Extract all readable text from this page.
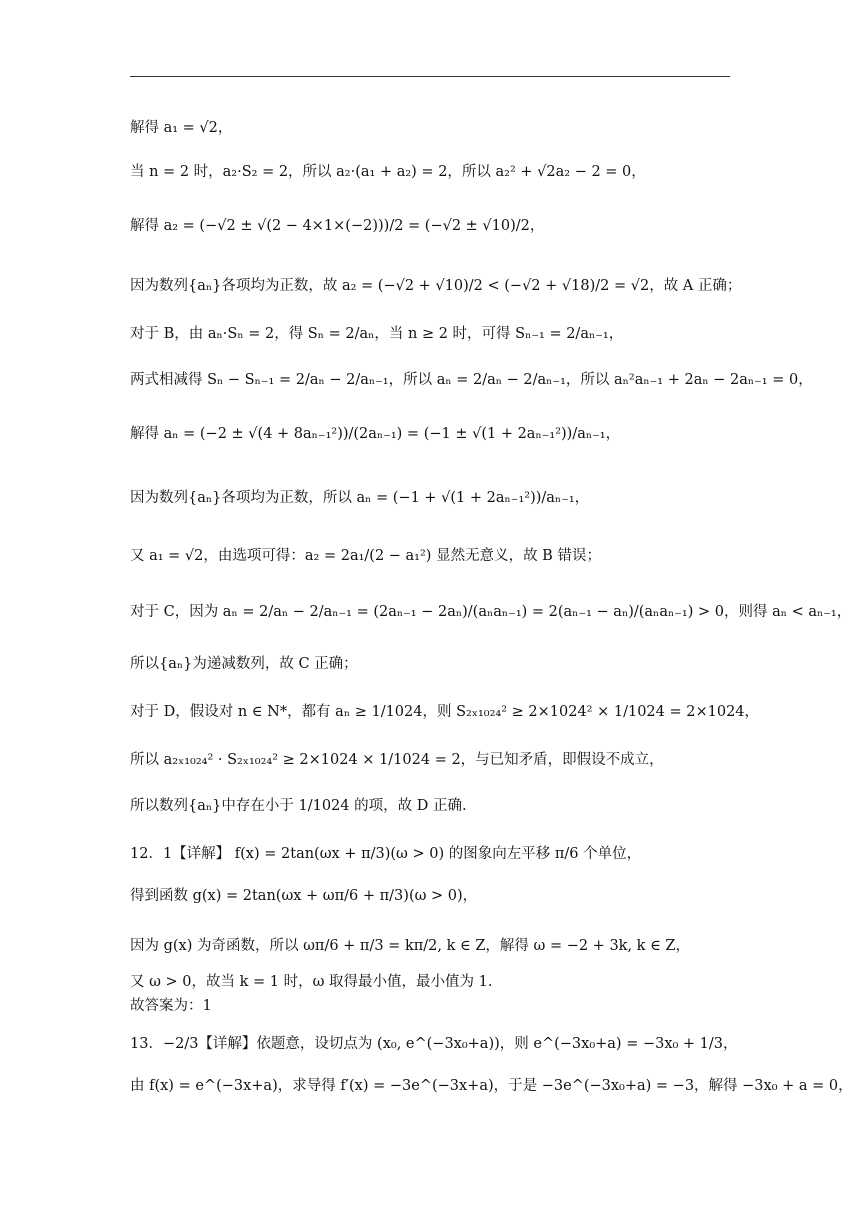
解得 a₁ = √2，
当 n = 2 时，a₂·S₂ = 2，所以 a₂·(a₁ + a₂) = 2，所以 a₂² + √2a₂ − 2 = 0，
解得 a₂ = (−√2 ± √(2 − 4×1×(−2)))/2 = (−√2 ± √10)/2，
因为数列{aₙ}各项均为正数，故 a₂ = (−√2 + √10)/2 < (−√2 + √18)/2 = √2，故 A 正确；
对于 B，由 aₙ·Sₙ = 2，得 Sₙ = 2/aₙ，当 n ≥ 2 时，可得 Sₙ₋₁ = 2/aₙ₋₁，
两式相减得 Sₙ − Sₙ₋₁ = 2/aₙ − 2/aₙ₋₁，所以 aₙ = 2/aₙ − 2/aₙ₋₁，所以 aₙ²aₙ₋₁ + 2aₙ − 2aₙ₋₁ = 0，
解得 aₙ = (−2 ± √(4 + 8aₙ₋₁²))/(2aₙ₋₁) = (−1 ± √(1 + 2aₙ₋₁²))/aₙ₋₁，
因为数列{aₙ}各项均为正数，所以 aₙ = (−1 + √(1 + 2aₙ₋₁²))/aₙ₋₁，
又 a₁ = √2，由选项可得：a₂ = 2a₁/(2 − a₁²) 显然无意义，故 B 错误；
对于 C，因为 aₙ = 2/aₙ − 2/aₙ₋₁ = (2aₙ₋₁ − 2aₙ)/(aₙaₙ₋₁) = 2(aₙ₋₁ − aₙ)/(aₙaₙ₋₁) > 0，则得 aₙ < aₙ₋₁，
所以{aₙ}为递减数列，故 C 正确；
对于 D，假设对 n ∈ N*，都有 aₙ ≥ 1/1024，则 S₂ₓ₁₀₂₄² ≥ 2×1024² × 1/1024 = 2×1024，
所以 a₂ₓ₁₀₂₄² · S₂ₓ₁₀₂₄² ≥ 2×1024 × 1/1024 = 2，与已知矛盾，即假设不成立，
所以数列{aₙ}中存在小于 1/1024 的项，故 D 正确.
12．1【详解】 f(x) = 2tan(ωx + π/3)(ω > 0) 的图象向左平移 π/6 个单位，
得到函数 g(x) = 2tan(ωx + ωπ/6 + π/3)(ω > 0)，
因为 g(x) 为奇函数，所以 ωπ/6 + π/3 = kπ/2, k ∈ Z，解得 ω = −2 + 3k, k ∈ Z，
又 ω > 0，故当 k = 1 时，ω 取得最小值，最小值为 1.
故答案为：1
13．−2/3【详解】依题意，设切点为 (x₀, e^(−3x₀+a))，则 e^(−3x₀+a) = −3x₀ + 1/3，
由 f(x) = e^(−3x+a)，求导得 f′(x) = −3e^(−3x+a)，于是 −3e^(−3x₀+a) = −3，解得 −3x₀ + a = 0，
